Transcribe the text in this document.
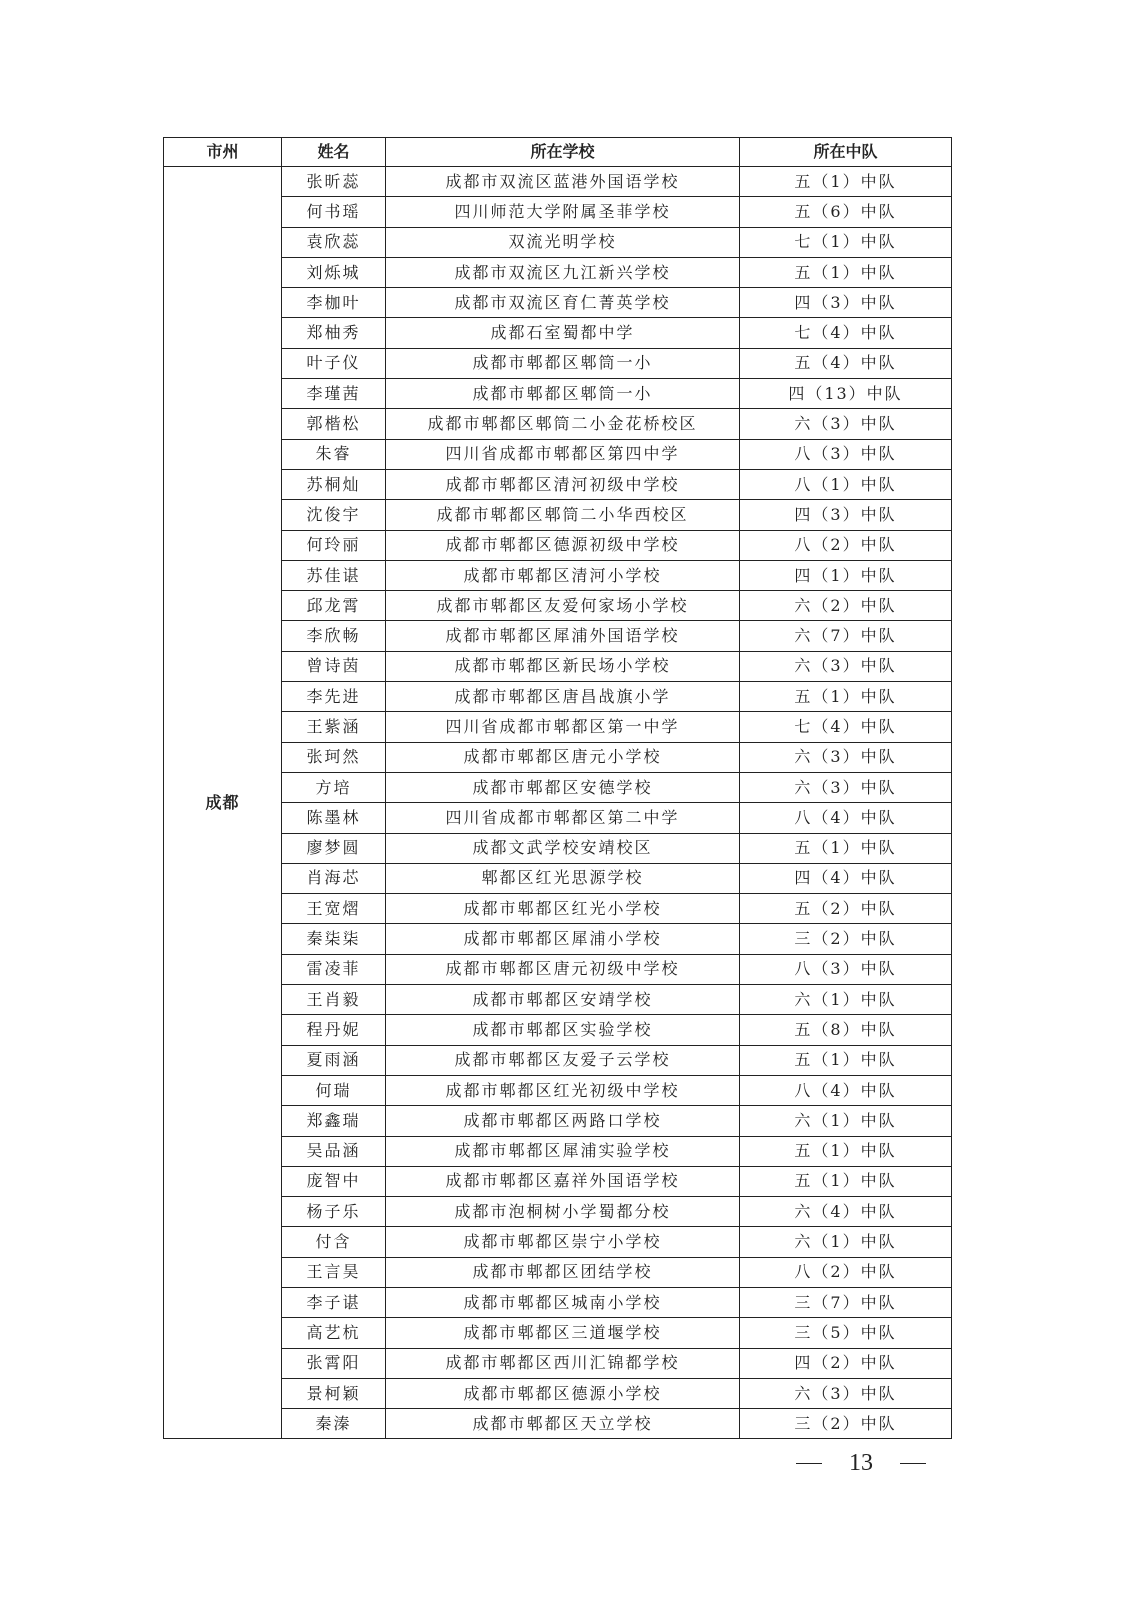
市州	姓名	所在学校	所在中队
成都	张昕蕊	成都市双流区蓝港外国语学校	五（1）中队
	何书瑶	四川师范大学附属圣菲学校	五（6）中队
	袁欣蕊	双流光明学校	七（1）中队
	刘烁城	成都市双流区九江新兴学校	五（1）中队
	李枷叶	成都市双流区育仁菁英学校	四（3）中队
	郑柚秀	成都石室蜀都中学	七（4）中队
	叶子仪	成都市郫都区郫筒一小	五（4）中队
	李瑾茜	成都市郫都区郫筒一小	四（13）中队
	郭楷松	成都市郫都区郫筒二小金花桥校区	六（3）中队
	朱睿	四川省成都市郫都区第四中学	八（3）中队
	苏桐灿	成都市郫都区清河初级中学校	八（1）中队
	沈俊宇	成都市郫都区郫筒二小华西校区	四（3）中队
	何玲丽	成都市郫都区德源初级中学校	八（2）中队
	苏佳谌	成都市郫都区清河小学校	四（1）中队
	邱龙霄	成都市郫都区友爱何家场小学校	六（2）中队
	李欣畅	成都市郫都区犀浦外国语学校	六（7）中队
	曾诗茵	成都市郫都区新民场小学校	六（3）中队
	李先进	成都市郫都区唐昌战旗小学	五（1）中队
	王紫涵	四川省成都市郫都区第一中学	七（4）中队
	张珂然	成都市郫都区唐元小学校	六（3）中队
	方培	成都市郫都区安德学校	六（3）中队
	陈墨林	四川省成都市郫都区第二中学	八（4）中队
	廖梦圆	成都文武学校安靖校区	五（1）中队
	肖海芯	郫都区红光思源学校	四（4）中队
	王宽熠	成都市郫都区红光小学校	五（2）中队
	秦柒柒	成都市郫都区犀浦小学校	三（2）中队
	雷凌菲	成都市郫都区唐元初级中学校	八（3）中队
	王肖毅	成都市郫都区安靖学校	六（1）中队
	程丹妮	成都市郫都区实验学校	五（8）中队
	夏雨涵	成都市郫都区友爱子云学校	五（1）中队
	何瑞	成都市郫都区红光初级中学校	八（4）中队
	郑鑫瑞	成都市郫都区两路口学校	六（1）中队
	吴品涵	成都市郫都区犀浦实验学校	五（1）中队
	庞智中	成都市郫都区嘉祥外国语学校	五（1）中队
	杨子乐	成都市泡桐树小学蜀都分校	六（4）中队
	付含	成都市郫都区崇宁小学校	六（1）中队
	王言昊	成都市郫都区团结学校	八（2）中队
	李子谌	成都市郫都区城南小学校	三（7）中队
	高艺杭	成都市郫都区三道堰学校	三（5）中队
	张霄阳	成都市郫都区西川汇锦都学校	四（2）中队
	景柯颖	成都市郫都区德源小学校	六（3）中队
	秦溱	成都市郫都区天立学校	三（2）中队
13
